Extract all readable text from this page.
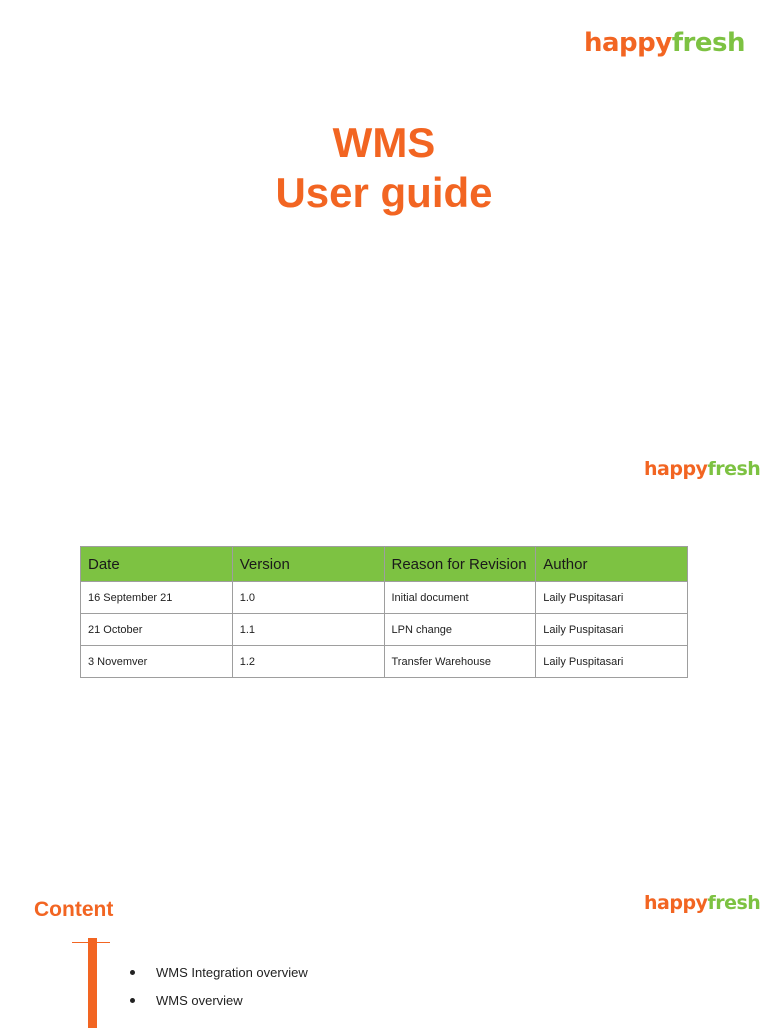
happyfresh
WMS
User guide
happyfresh
Date	Version	Reason for Revision	Author
16 September 21	1.0	Initial document	Laily Puspitasari
21 October	1.1	LPN change	Laily Puspitasari
3 Novemver	1.2	Transfer Warehouse	Laily Puspitasari
Content	happyfresh
WMS Integration overview
WMS overview
